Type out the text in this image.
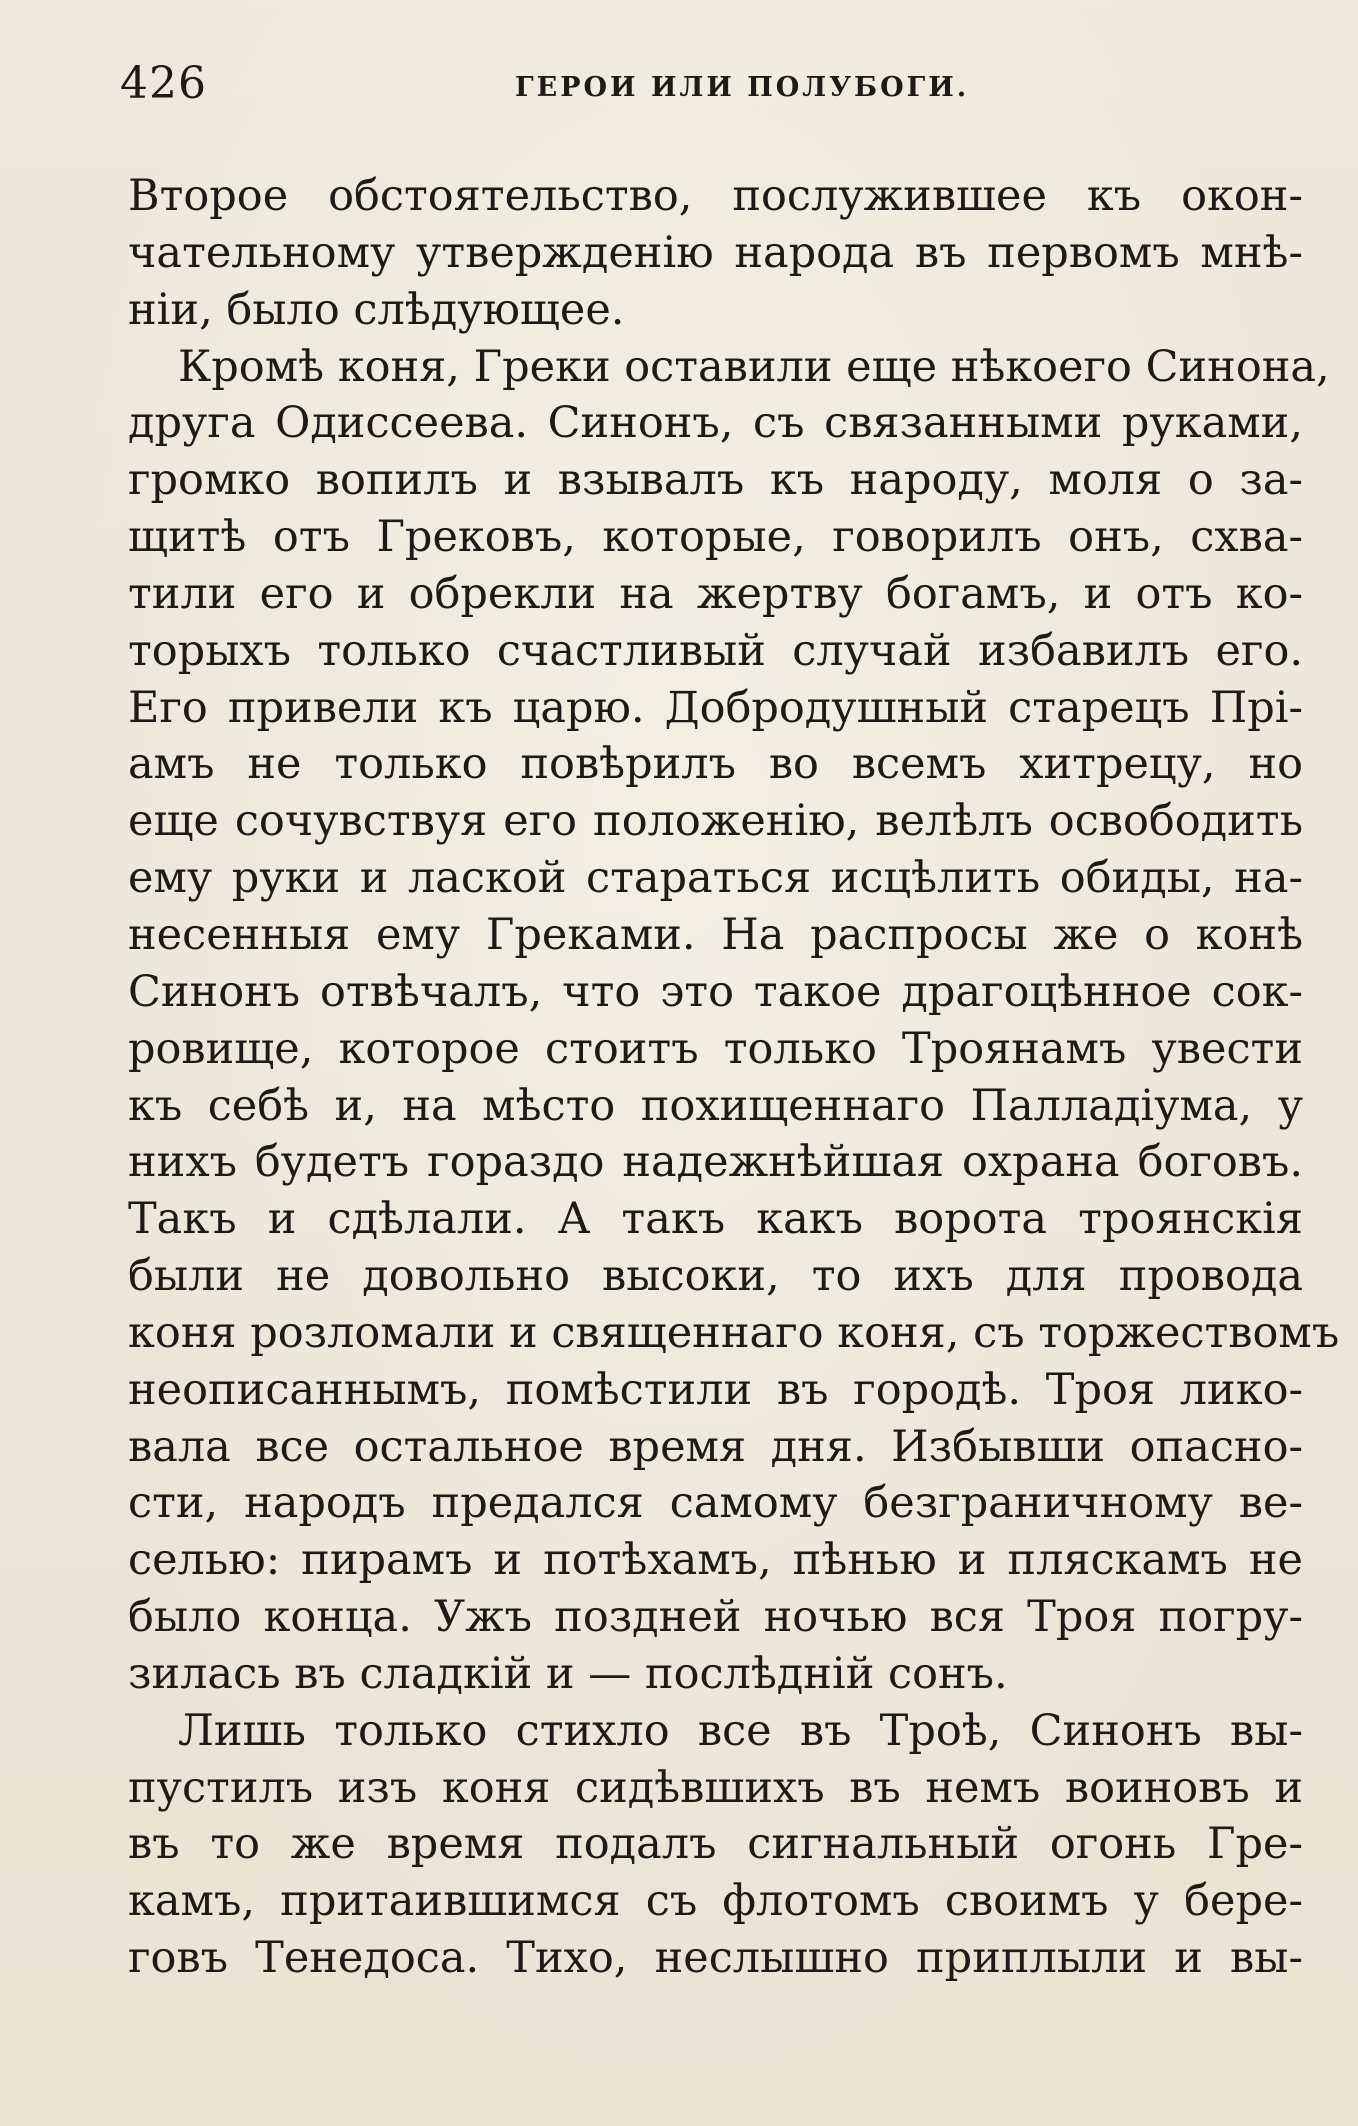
426	ГЕРОИ ИЛИ ПОЛУБОГИ.
Второе обстоятельство, послужившее къ окон-
чательному утвержденію народа въ первомъ мнѣ-
ніи, было слѣдующее.
Кромѣ коня, Греки оставили еще нѣкоего Синона,
друга Одиссеева. Синонъ, съ связанными руками,
громко вопилъ и взывалъ къ народу, моля о за-
щитѣ отъ Грековъ, которые, говорилъ онъ, схва-
тили его и обрекли на жертву богамъ, и отъ ко-
торыхъ только счастливый случай избавилъ его.
Его привели къ царю. Добродушный старецъ Прі-
амъ не только повѣрилъ во всемъ хитрецу, но
еще сочувствуя его положенію, велѣлъ освободить
ему руки и лаской стараться исцѣлить обиды, на-
несенныя ему Греками. На распросы же о конѣ
Синонъ отвѣчалъ, что это такое драгоцѣнное сок-
ровище, которое стоитъ только Троянамъ увести
къ себѣ и, на мѣсто похищеннаго Палладіума, у
нихъ будетъ гораздо надежнѣйшая охрана боговъ.
Такъ и сдѣлали. А такъ какъ ворота троянскія
были не довольно высоки, то ихъ для провода
коня розломали и священнаго коня, съ торжествомъ
неописаннымъ, помѣстили въ городѣ. Троя лико-
вала все остальное время дня. Избывши опасно-
сти, народъ предался самому безграничному ве-
селью: пирамъ и потѣхамъ, пѣнью и пляскамъ не
было конца. Ужъ поздней ночью вся Троя погру-
зилась въ сладкій и — послѣдній сонъ.
Лишь только стихло все въ Троѣ, Синонъ вы-
пустилъ изъ коня сидѣвшихъ въ немъ воиновъ и
въ то же время подалъ сигнальный огонь Гре-
камъ, притаившимся съ флотомъ своимъ у бере-
говъ Тенедоса. Тихо, неслышно приплыли и вы-
